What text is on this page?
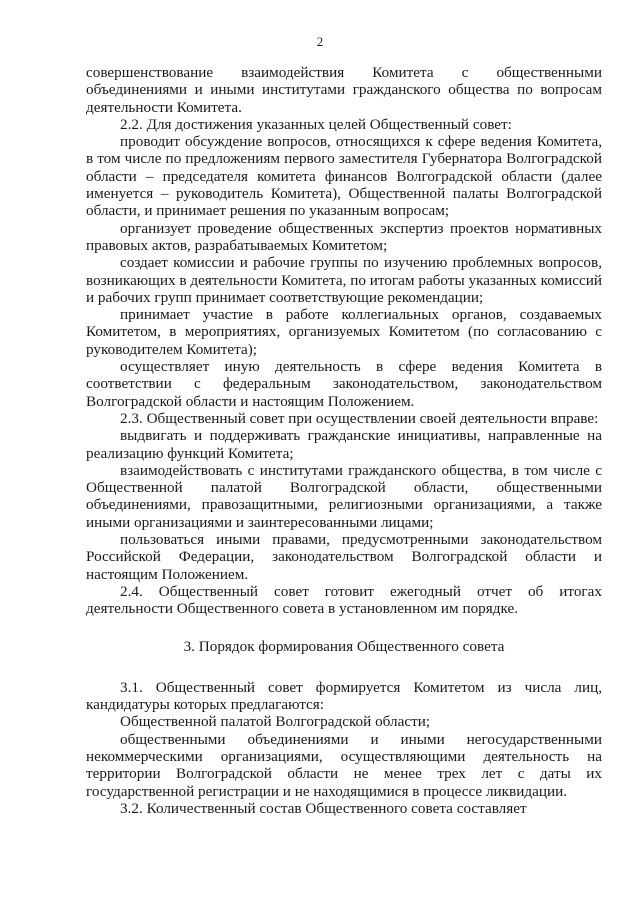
2
совершенствование взаимодействия Комитета с общественными объединениями и иными институтами гражданского общества по вопросам деятельности Комитета.
2.2. Для достижения указанных целей Общественный совет:
проводит обсуждение вопросов, относящихся к сфере ведения Комитета, в том числе по предложениям первого заместителя Губернатора Волгоградской области – председателя комитета финансов Волгоградской области (далее именуется – руководитель Комитета), Общественной палаты Волгоградской области, и принимает решения по указанным вопросам;
организует проведение общественных экспертиз проектов нормативных правовых актов, разрабатываемых Комитетом;
создает комиссии и рабочие группы по изучению проблемных вопросов, возникающих в деятельности Комитета, по итогам работы указанных комиссий и рабочих групп принимает соответствующие рекомендации;
принимает участие в работе коллегиальных органов, создаваемых Комитетом, в мероприятиях, организуемых Комитетом (по согласованию с руководителем Комитета);
осуществляет иную деятельность в сфере ведения Комитета в соответствии с федеральным законодательством, законодательством Волгоградской области и настоящим Положением.
2.3. Общественный совет при осуществлении своей деятельности вправе:
выдвигать и поддерживать гражданские инициативы, направленные на реализацию функций Комитета;
взаимодействовать с институтами гражданского общества, в том числе с Общественной палатой Волгоградской области, общественными объединениями, правозащитными, религиозными организациями, а также иными организациями и заинтересованными лицами;
пользоваться иными правами, предусмотренными законодательством Российской Федерации, законодательством Волгоградской области и настоящим Положением.
2.4. Общественный совет готовит ежегодный отчет об итогах деятельности Общественного совета в установленном им порядке.
3. Порядок формирования Общественного совета
3.1. Общественный совет формируется Комитетом из числа лиц, кандидатуры которых предлагаются:
Общественной палатой Волгоградской области;
общественными объединениями и иными негосударственными некоммерческими организациями, осуществляющими деятельность на территории Волгоградской области не менее трех лет с даты их государственной регистрации и не находящимися в процессе ликвидации.
3.2. Количественный состав Общественного совета составляет
